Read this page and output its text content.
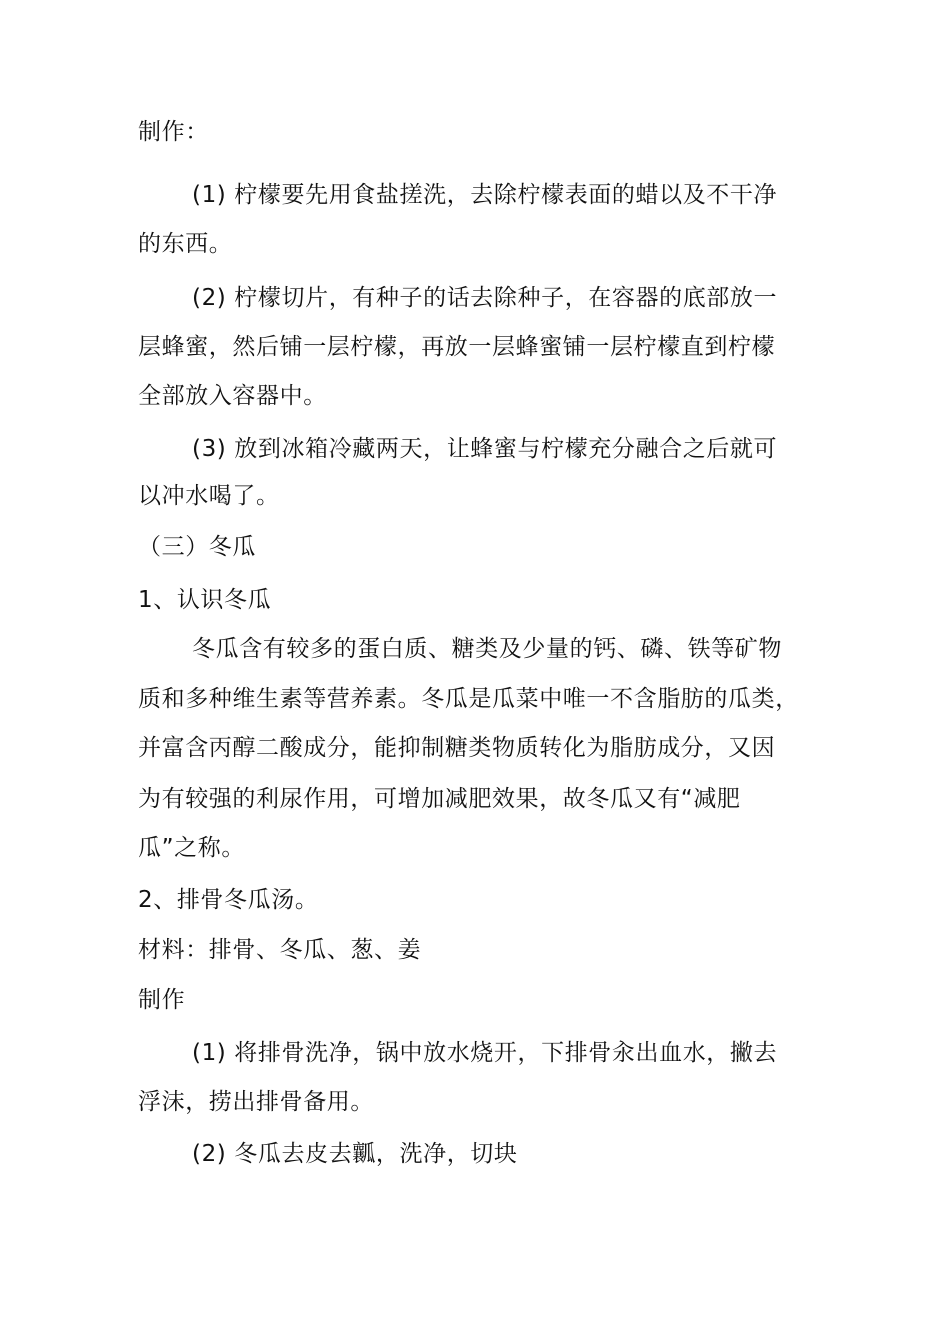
制作：
(1) 柠檬要先用食盐搓洗，去除柠檬表面的蜡以及不干净
的东西。
(2) 柠檬切片，有种子的话去除种子，在容器的底部放一
层蜂蜜，然后铺一层柠檬，再放一层蜂蜜铺一层柠檬直到柠檬
全部放入容器中。
(3) 放到冰箱冷藏两天，让蜂蜜与柠檬充分融合之后就可
以冲水喝了。
（三）冬瓜
1、认识冬瓜
冬瓜含有较多的蛋白质、糖类及少量的钙、磷、铁等矿物
质和多种维生素等营养素。冬瓜是瓜菜中唯一不含脂肪的瓜类，
并富含丙醇二酸成分，能抑制糖类物质转化为脂肪成分，又因
为有较强的利尿作用，可增加减肥效果，故冬瓜又有“减肥
瓜”之称。
2、排骨冬瓜汤。
材料：排骨、冬瓜、葱、姜
制作
(1) 将排骨洗净，锅中放水烧开，下排骨汆出血水，撇去
浮沫，捞出排骨备用。
(2) 冬瓜去皮去瓤，洗净，切块
